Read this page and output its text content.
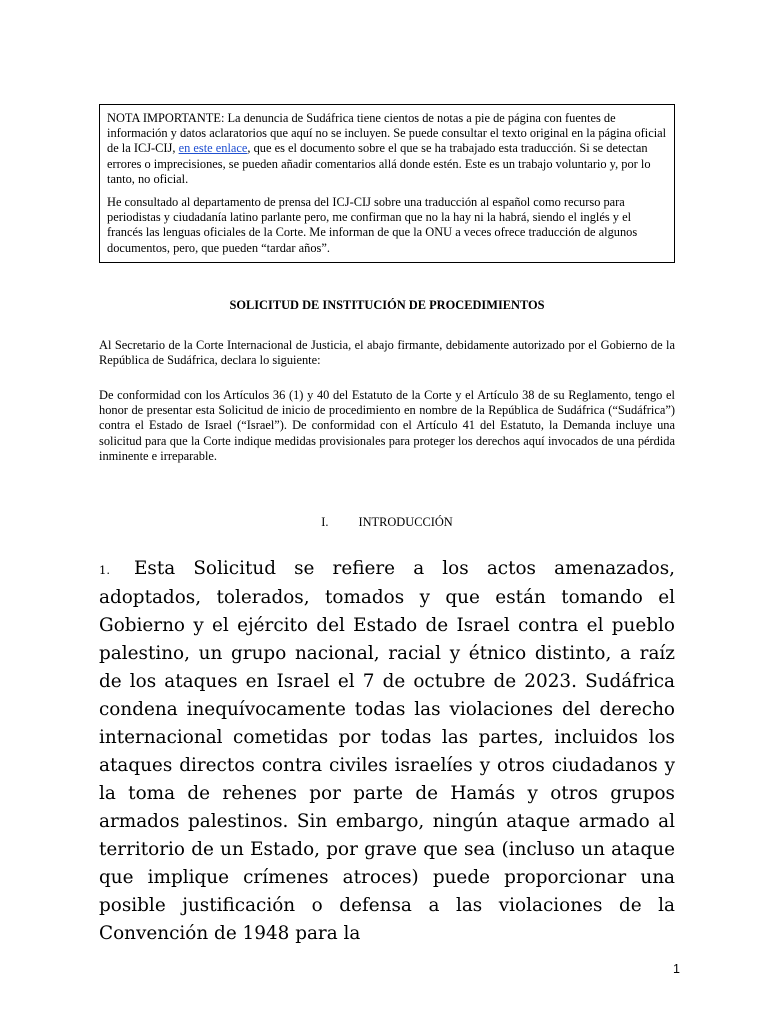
NOTA IMPORTANTE: La denuncia de Sudáfrica tiene cientos de notas a pie de página con fuentes de información y datos aclaratorios que aquí no se incluyen. Se puede consultar el texto original en la página oficial de la ICJ-CIJ, en este enlace, que es el documento sobre el que se ha trabajado esta traducción. Si se detectan errores o imprecisiones, se pueden añadir comentarios allá donde estén. Este es un trabajo voluntario y, por lo tanto, no oficial.

He consultado al departamento de prensa del ICJ-CIJ sobre una traducción al español como recurso para periodistas y ciudadanía latino parlante pero, me confirman que no la hay ni la habrá, siendo el inglés y el francés las lenguas oficiales de la Corte. Me informan de que la ONU a veces ofrece traducción de algunos documentos, pero, que pueden “tardar años”.

SOLICITUD DE INSTITUCIÓN DE PROCEDIMIENTOS

Al Secretario de la Corte Internacional de Justicia, el abajo firmante, debidamente autorizado por el Gobierno de la República de Sudáfrica, declara lo siguiente:

De conformidad con los Artículos 36 (1) y 40 del Estatuto de la Corte y el Artículo 38 de su Reglamento, tengo el honor de presentar esta Solicitud de inicio de procedimiento en nombre de la República de Sudáfrica (“Sudáfrica”) contra el Estado de Israel (“Israel”). De conformidad con el Artículo 41 del Estatuto, la Demanda incluye una solicitud para que la Corte indique medidas provisionales para proteger los derechos aquí invocados de una pérdida inminente e irreparable.

I. INTRODUCCIÓN

1. Esta Solicitud se refiere a los actos amenazados, adoptados, tolerados, tomados y que están tomando el Gobierno y el ejército del Estado de Israel contra el pueblo palestino, un grupo nacional, racial y étnico distinto, a raíz de los ataques en Israel el 7 de octubre de 2023. Sudáfrica condena inequívocamente todas las violaciones del derecho internacional cometidas por todas las partes, incluidos los ataques directos contra civiles israelíes y otros ciudadanos y la toma de rehenes por parte de Hamás y otros grupos armados palestinos. Sin embargo, ningún ataque armado al territorio de un Estado, por grave que sea (incluso un ataque que implique crímenes atroces) puede proporcionar una posible justificación o defensa a las violaciones de la Convención de 1948 para la

1
